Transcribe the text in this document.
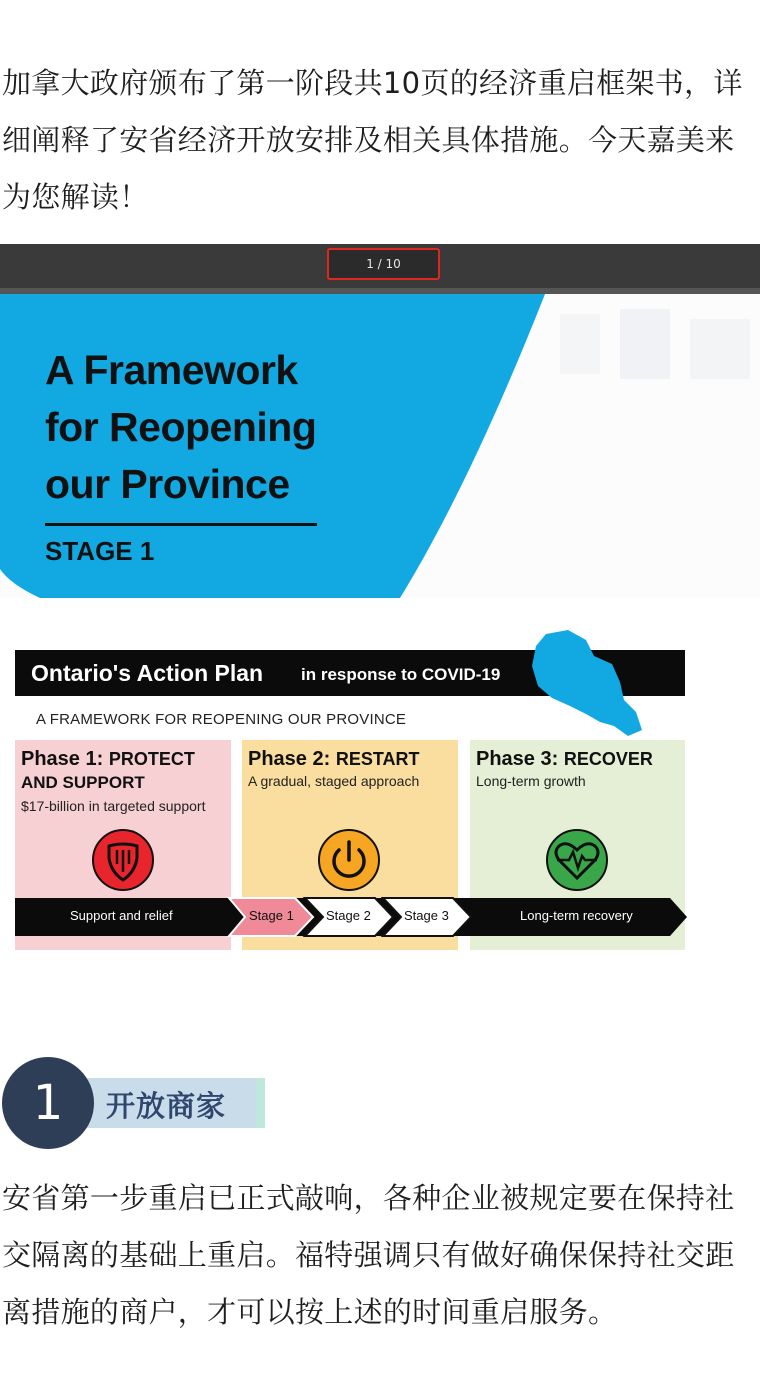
加拿大政府颁布了第一阶段共10页的经济重启框架书，详细阐释了安省经济开放安排及相关具体措施。今天嘉美来为您解读！

1 / 10
A Framework
for Reopening
our Province
STAGE 1
Ontario's Action Plan in response to COVID-19
A FRAMEWORK FOR REOPENING OUR PROVINCE
Phase 1: PROTECT
AND SUPPORT
$17-billion in targeted support
Phase 2: RESTART
A gradual, staged approach
Phase 3: RECOVER
Long-term growth
Support and relief	Stage 1 Stage 2	Stage 3	Long-term recovery
1	开放商家

安省第一步重启已正式敲响，各种企业被规定要在保持社交隔离的基础上重启。福特强调只有做好确保保持社交距离措施的商户，才可以按上述的时间重启服务。
